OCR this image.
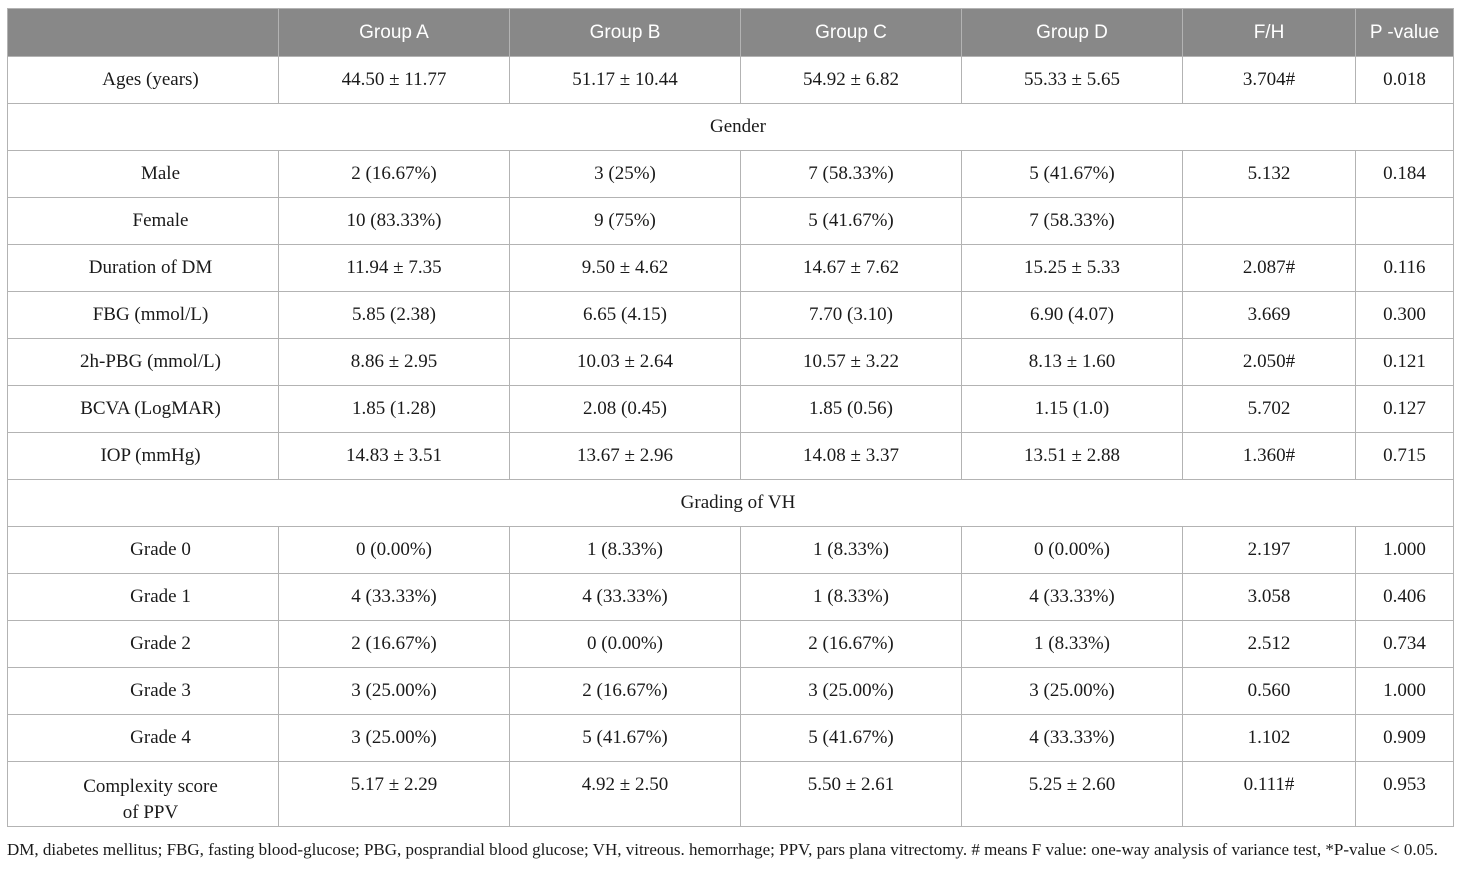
	Group A	Group B	Group C	Group D	F/H	P -value
Ages (years)	44.50 ± 11.77	51.17 ± 10.44	54.92 ± 6.82	55.33 ± 5.65	3.704#	0.018
Gender						
Male	2 (16.67%)	3 (25%)	7 (58.33%)	5 (41.67%)	5.132	0.184
Female	10 (83.33%)	9 (75%)	5 (41.67%)	7 (58.33%)		
Duration of DM	11.94 ± 7.35	9.50 ± 4.62	14.67 ± 7.62	15.25 ± 5.33	2.087#	0.116
FBG (mmol/L)	5.85 (2.38)	6.65 (4.15)	7.70 (3.10)	6.90 (4.07)	3.669	0.300
2h-PBG (mmol/L)	8.86 ± 2.95	10.03 ± 2.64	10.57 ± 3.22	8.13 ± 1.60	2.050#	0.121
BCVA (LogMAR)	1.85 (1.28)	2.08 (0.45)	1.85 (0.56)	1.15 (1.0)	5.702	0.127
IOP (mmHg)	14.83 ± 3.51	13.67 ± 2.96	14.08 ± 3.37	13.51 ± 2.88	1.360#	0.715
Grading of VH						
Grade 0	0 (0.00%)	1 (8.33%)	1 (8.33%)	0 (0.00%)	2.197	1.000
Grade 1	4 (33.33%)	4 (33.33%)	1 (8.33%)	4 (33.33%)	3.058	0.406
Grade 2	2 (16.67%)	0 (0.00%)	2 (16.67%)	1 (8.33%)	2.512	0.734
Grade 3	3 (25.00%)	2 (16.67%)	3 (25.00%)	3 (25.00%)	0.560	1.000
Grade 4	3 (25.00%)	5 (41.67%)	5 (41.67%)	4 (33.33%)	1.102	0.909

Complexity score
of PPV	5.17 ± 2.29	4.92 ± 2.50	5.50 ± 2.61	5.25 ± 2.60	0.111#	0.953
DM, diabetes mellitus; FBG, fasting blood-glucose; PBG, posprandial blood glucose; VH, vitreous. hemorrhage; PPV, pars plana vitrectomy. # means F value: one-way analysis of variance test, *P-value < 0.05.
